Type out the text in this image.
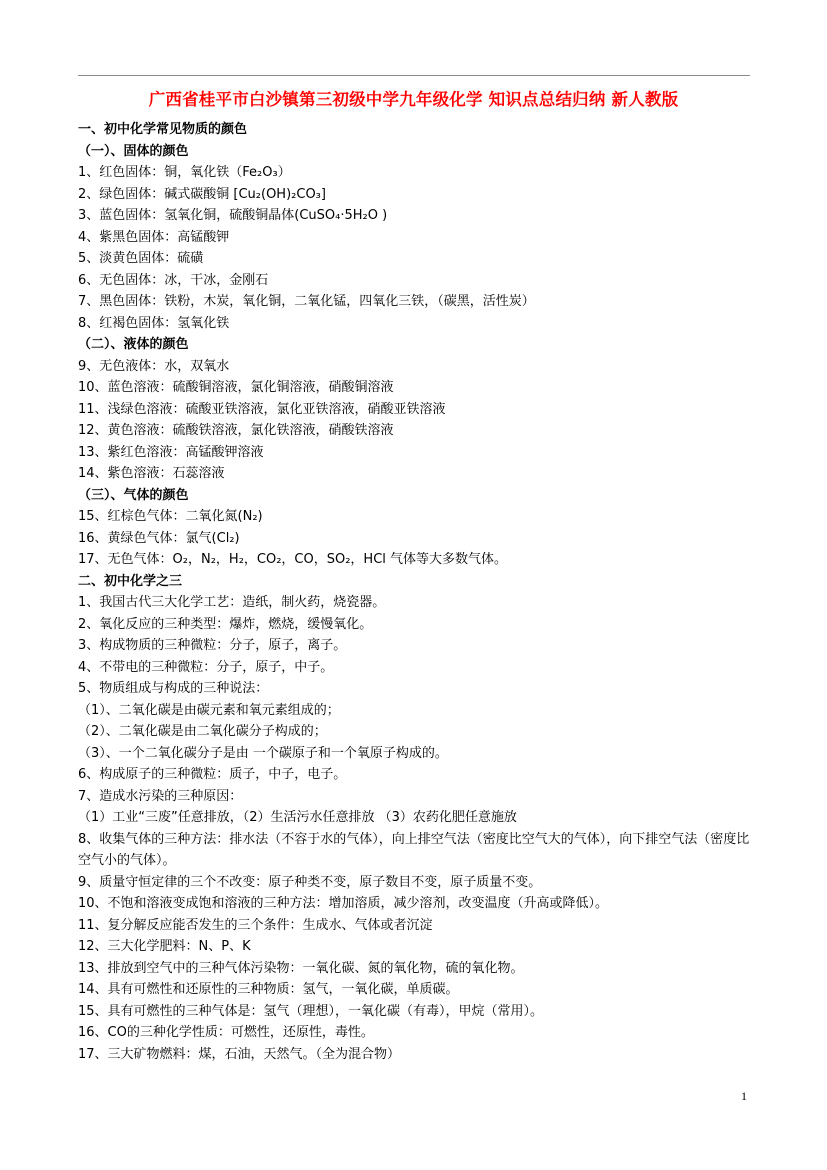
广西省桂平市白沙镇第三初级中学九年级化学 知识点总结归纳 新人教版
一、初中化学常见物质的颜色
（一）、固体的颜色
1、红色固体：铜，氧化铁（Fe₂O₃）
2、绿色固体：碱式碳酸铜 [Cu₂(OH)₂CO₃]
3、蓝色固体：氢氧化铜，硫酸铜晶体(CuSO₄·5H₂O )
4、紫黑色固体：高锰酸钾
5、淡黄色固体：硫磺
6、无色固体：冰，干冰，金刚石
7、黑色固体：铁粉，木炭，氧化铜，二氧化锰，四氧化三铁，（碳黑，活性炭）
8、红褐色固体：氢氧化铁
（二）、液体的颜色
9、无色液体：水，双氧水
10、蓝色溶液：硫酸铜溶液，氯化铜溶液，硝酸铜溶液
11、浅绿色溶液：硫酸亚铁溶液，氯化亚铁溶液，硝酸亚铁溶液
12、黄色溶液：硫酸铁溶液，氯化铁溶液，硝酸铁溶液
13、紫红色溶液：高锰酸钾溶液
14、紫色溶液：石蕊溶液
（三）、气体的颜色
15、红棕色气体：二氧化氮(N₂)
16、黄绿色气体：氯气(Cl₂)
17、无色气体：O₂，N₂，H₂，CO₂，CO，SO₂，HCl 气体等大多数气体。
二、初中化学之三
1、我国古代三大化学工艺：造纸，制火药，烧瓷器。
2、氧化反应的三种类型：爆炸，燃烧，缓慢氧化。
3、构成物质的三种微粒：分子，原子，离子。
4、不带电的三种微粒：分子，原子，中子。
5、物质组成与构成的三种说法：
（1）、二氧化碳是由碳元素和氧元素组成的；
（2）、二氧化碳是由二氧化碳分子构成的；
（3）、一个二氧化碳分子是由 一个碳原子和一个氧原子构成的。
6、构成原子的三种微粒：质子，中子，电子。
7、造成水污染的三种原因：
（1）工业“三废”任意排放，（2）生活污水任意排放 （3）农药化肥任意施放
8、收集气体的三种方法：排水法（不容于水的气体），向上排空气法（密度比空气大的气体），向下排空气法（密度比空气小的气体）。
9、质量守恒定律的三个不改变：原子种类不变，原子数目不变，原子质量不变。
10、不饱和溶液变成饱和溶液的三种方法：增加溶质，减少溶剂，改变温度（升高或降低）。
11、复分解反应能否发生的三个条件：生成水、气体或者沉淀
12、三大化学肥料：N、P、K
13、排放到空气中的三种气体污染物：一氧化碳、氮的氧化物，硫的氧化物。
14、具有可燃性和还原性的三种物质：氢气，一氧化碳，单质碳。
15、具有可燃性的三种气体是：氢气（理想），一氧化碳（有毒），甲烷（常用）。
16、CO的三种化学性质：可燃性，还原性，毒性。
17、三大矿物燃料：煤，石油，天然气。（全为混合物）
1
